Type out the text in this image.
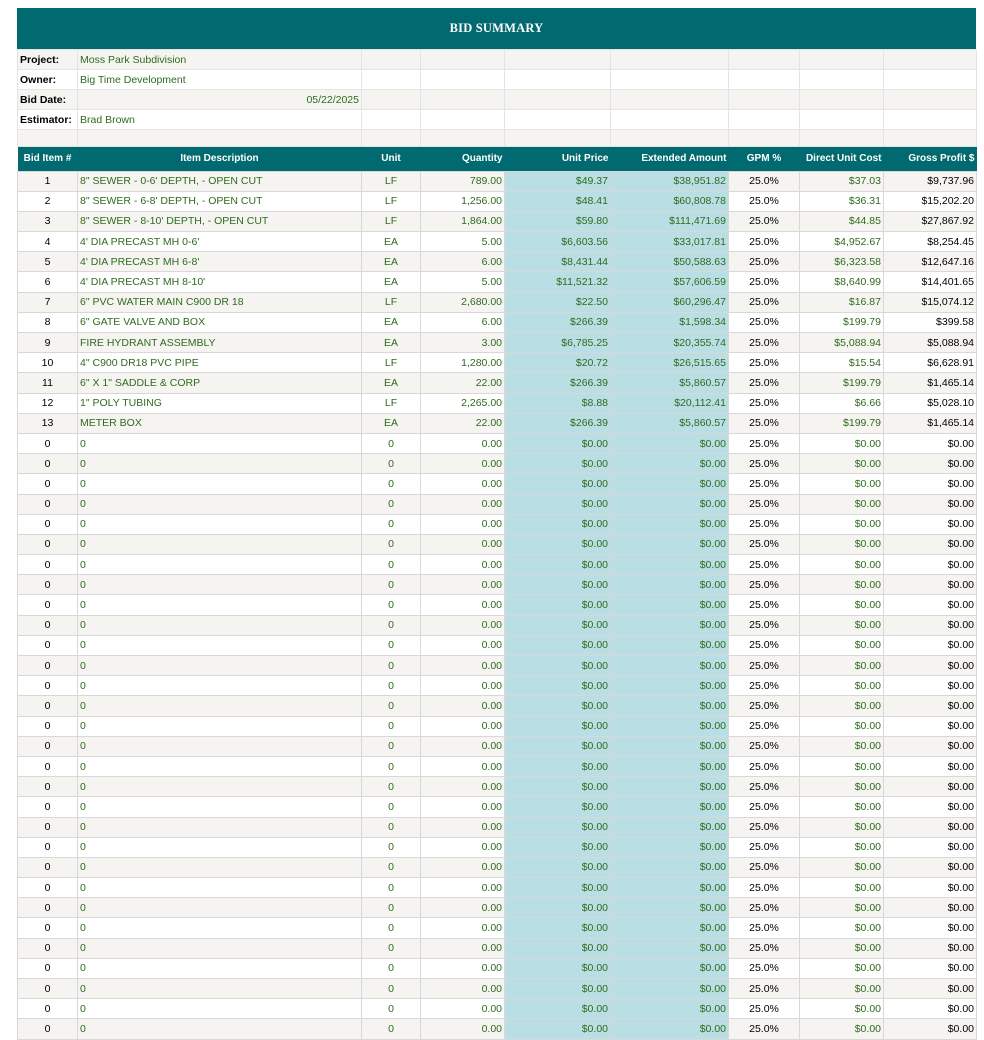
BID SUMMARY
Project:	Moss Park Subdivision							
Owner:	Big Time Development							
Bid Date:	05/22/2025							
Estimator:	Brad Brown							

Bid Item #	Item Description	Unit	Quantity	Unit Price	Extended Amount	GPM %	Direct Unit Cost	Gross Profit $
1	8" SEWER - 0-6' DEPTH, - OPEN CUT	LF	789.00	$49.37	$38,951.82	25.0%	$37.03	$9,737.96
2	8" SEWER - 6-8' DEPTH, - OPEN CUT	LF	1,256.00	$48.41	$60,808.78	25.0%	$36.31	$15,202.20
3	8" SEWER - 8-10' DEPTH, - OPEN CUT	LF	1,864.00	$59.80	$111,471.69	25.0%	$44.85	$27,867.92
4	4' DIA PRECAST MH 0-6'	EA	5.00	$6,603.56	$33,017.81	25.0%	$4,952.67	$8,254.45
5	4' DIA PRECAST MH 6-8'	EA	6.00	$8,431.44	$50,588.63	25.0%	$6,323.58	$12,647.16
6	4' DIA PRECAST MH 8-10'	EA	5.00	$11,521.32	$57,606.59	25.0%	$8,640.99	$14,401.65
7	6" PVC WATER MAIN C900 DR 18	LF	2,680.00	$22.50	$60,296.47	25.0%	$16.87	$15,074.12
8	6" GATE VALVE AND BOX	EA	6.00	$266.39	$1,598.34	25.0%	$199.79	$399.58
9	FIRE HYDRANT ASSEMBLY	EA	3.00	$6,785.25	$20,355.74	25.0%	$5,088.94	$5,088.94
10	4" C900 DR18 PVC PIPE	LF	1,280.00	$20.72	$26,515.65	25.0%	$15.54	$6,628.91
11	6" X 1" SADDLE & CORP	EA	22.00	$266.39	$5,860.57	25.0%	$199.79	$1,465.14
12	1" POLY TUBING	LF	2,265.00	$8.88	$20,112.41	25.0%	$6.66	$5,028.10
13	METER BOX	EA	22.00	$266.39	$5,860.57	25.0%	$199.79	$1,465.14
0	0	0	0.00	$0.00	$0.00	25.0%	$0.00	$0.00
0	0	0	0.00	$0.00	$0.00	25.0%	$0.00	$0.00
0	0	0	0.00	$0.00	$0.00	25.0%	$0.00	$0.00
0	0	0	0.00	$0.00	$0.00	25.0%	$0.00	$0.00
0	0	0	0.00	$0.00	$0.00	25.0%	$0.00	$0.00
0	0	0	0.00	$0.00	$0.00	25.0%	$0.00	$0.00
0	0	0	0.00	$0.00	$0.00	25.0%	$0.00	$0.00
0	0	0	0.00	$0.00	$0.00	25.0%	$0.00	$0.00
0	0	0	0.00	$0.00	$0.00	25.0%	$0.00	$0.00
0	0	0	0.00	$0.00	$0.00	25.0%	$0.00	$0.00
0	0	0	0.00	$0.00	$0.00	25.0%	$0.00	$0.00
0	0	0	0.00	$0.00	$0.00	25.0%	$0.00	$0.00
0	0	0	0.00	$0.00	$0.00	25.0%	$0.00	$0.00
0	0	0	0.00	$0.00	$0.00	25.0%	$0.00	$0.00
0	0	0	0.00	$0.00	$0.00	25.0%	$0.00	$0.00
0	0	0	0.00	$0.00	$0.00	25.0%	$0.00	$0.00
0	0	0	0.00	$0.00	$0.00	25.0%	$0.00	$0.00
0	0	0	0.00	$0.00	$0.00	25.0%	$0.00	$0.00
0	0	0	0.00	$0.00	$0.00	25.0%	$0.00	$0.00
0	0	0	0.00	$0.00	$0.00	25.0%	$0.00	$0.00
0	0	0	0.00	$0.00	$0.00	25.0%	$0.00	$0.00
0	0	0	0.00	$0.00	$0.00	25.0%	$0.00	$0.00
0	0	0	0.00	$0.00	$0.00	25.0%	$0.00	$0.00
0	0	0	0.00	$0.00	$0.00	25.0%	$0.00	$0.00
0	0	0	0.00	$0.00	$0.00	25.0%	$0.00	$0.00
0	0	0	0.00	$0.00	$0.00	25.0%	$0.00	$0.00
0	0	0	0.00	$0.00	$0.00	25.0%	$0.00	$0.00
0	0	0	0.00	$0.00	$0.00	25.0%	$0.00	$0.00
0	0	0	0.00	$0.00	$0.00	25.0%	$0.00	$0.00
0	0	0	0.00	$0.00	$0.00	25.0%	$0.00	$0.00
